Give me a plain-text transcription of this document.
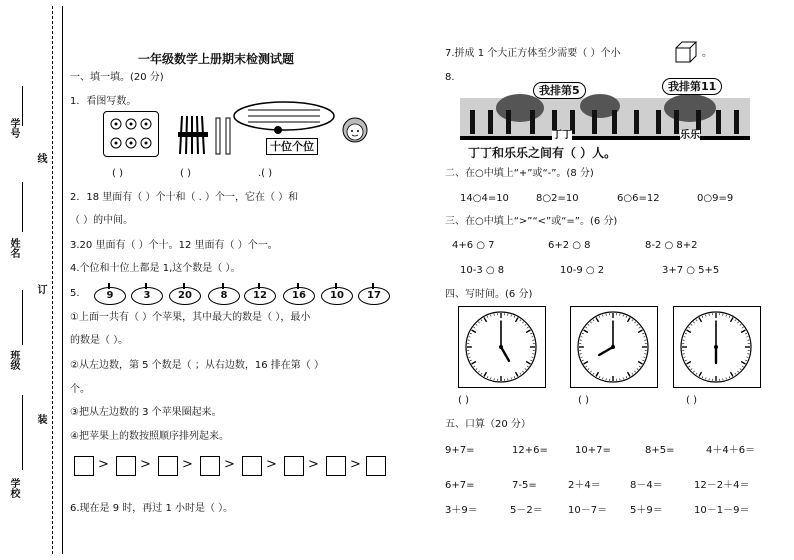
学号
姓名
班级
学校
线
订
装
一年级数学上册期末检测试题
一、填一填。(20 分)
1．看图写数。
十位个位
( )	( )	.( )
2．18 里面有（ ）个十和（ . ）个一，它在（ ）和
（ ）的中间。
3.20 里面有（ ）个十。12 里面有（ ）个一。
4.个位和十位上都是 1,这个数是（ ）。
5.	9	3	20	8	12	16	10	17
①上面一共有（ ）个苹果，其中最大的数是（ ），最小
的数是（ ）。
②从左边数，第 5 个数是（ ；从右边数，16 排在第（ ）
个。
③把从左边数的 3 个苹果圈起来。
④把苹果上的数按照顺序排列起来。
> > > > > > >
6.现在是 9 时，再过 1 小时是（ ）。
7.拼成 1 个大正方体至少需要（ ）个小	。
8.
我排第5	我排第11
丁丁	乐乐
丁丁和乐乐之间有（ ）人。
二、在○中填上“+”或“-”。(8 分)
14○4=10	8○2=10	6○6=12	0○9=9
三、在○中填上“>”“<”或“=”。(6 分)
4+6 ○ 7	6+2 ○ 8	8-2 ○ 8+2
10-3 ○ 8	10-9 ○ 2	3+7 ○ 5+5
四、写时间。(6 分)
( )	( )	( )
五、口算（20 分）
9+7=	12+6=	10+7=	8+5=	4＋4＋6＝
6+7=	7-5=	2＋4＝	8－4＝	12－2＋4＝
3＋9＝	5－2＝	10－7＝ 5＋9＝	10－1－9＝
